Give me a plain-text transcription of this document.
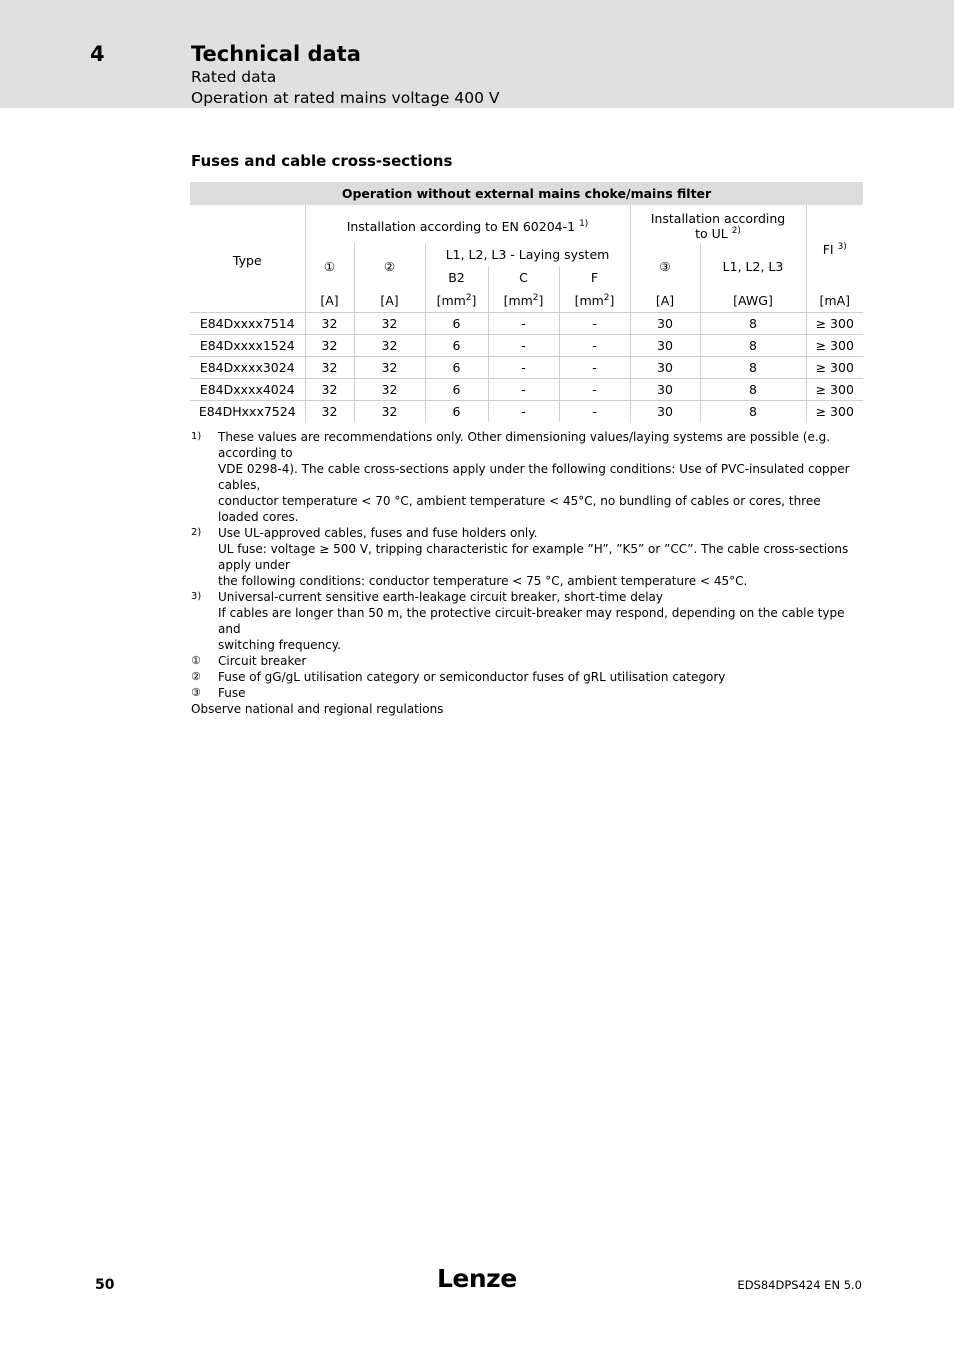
4	Technical data
Rated data
Operation at rated mains voltage 400 V
Fuses and cable cross-sections
Operation without external mains choke/mains filter								
Type	Installation according to EN 60204-1 $^{1)}$					Installation according
to UL $^{2)}$		FI $^{3)}$
	①	②	L1, L2, L3 - Laying system			③	L1, L2, L3	
			B2	C	F			
	[A]	[A]	$[mm^2]$	$[mm^2]$	$[mm^2]$	[A]	[AWG]	[mA]
E84Dxxxx7514	32	32	6	-	-	30	8	≥ 300
E84Dxxxx1524	32	32	6	-	-	30	8	≥ 300
E84Dxxxx3024	32	32	6	-	-	30	8	≥ 300
E84Dxxxx4024	32	32	6	-	-	30	8	≥ 300
E84DHxxx7524	32	32	6	-	-	30	8	≥ 300
1) These values are recommendations only. Other dimensioning values/laying systems are possible (e.g. according to
VDE 0298-4). The cable cross-sections apply under the following conditions: Use of PVC-insulated copper cables,
conductor temperature < 70 °C, ambient temperature < 45°C, no bundling of cables or cores, three loaded cores.
2) Use UL-approved cables, fuses and fuse holders only.
UL fuse: voltage ≥ 500 V, tripping characteristic for example ”H”, ”K5” or ”CC”. The cable cross-sections apply under
the following conditions: conductor temperature < 75 °C, ambient temperature < 45°C.
3) Universal-current sensitive earth-leakage circuit breaker, short-time delay
If cables are longer than 50 m, the protective circuit-breaker may respond, depending on the cable type and
switching frequency.
① Circuit breaker
② Fuse of gG/gL utilisation category or semiconductor fuses of gRL utilisation category
③ Fuse
Observe national and regional regulations
50	Lenze	EDS84DPS424 EN 5.0
